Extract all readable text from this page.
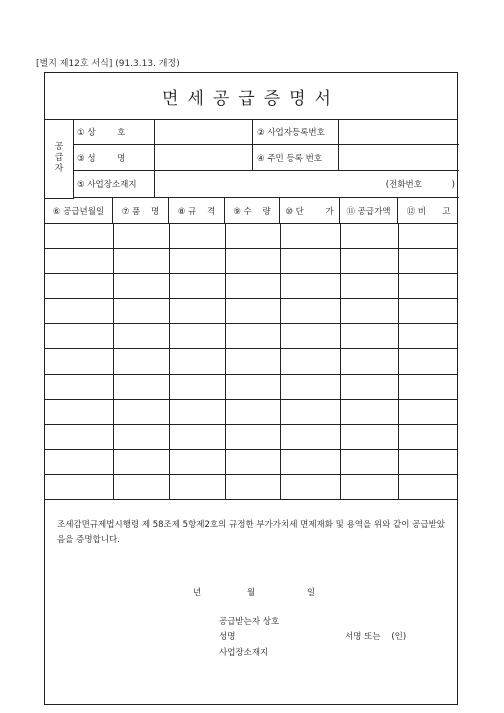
[별지 제12호 서식] (91.3.13. 개정)
면세공급증명서
공
급
자
① 상        호	② 사업자등록번호
③ 성        명	④ 주민 등록 번호
⑤ 사업장소재지	(전화번호           )
⑥ 공급년월일	⑦ 품    명	⑧ 규    격	⑨ 수    량	⑩ 단        가	⑪ 공급가액	⑫ 비      고
조세감면규제법시행령 제 58조제 5항제2호의 규정한 부가가치세 면제재화 및 용역을 위와 같이 공급받았음을 증명합니다.
년	월	일
공급받는자 상호
성명	서명 또는    (인)
사업장소재지
